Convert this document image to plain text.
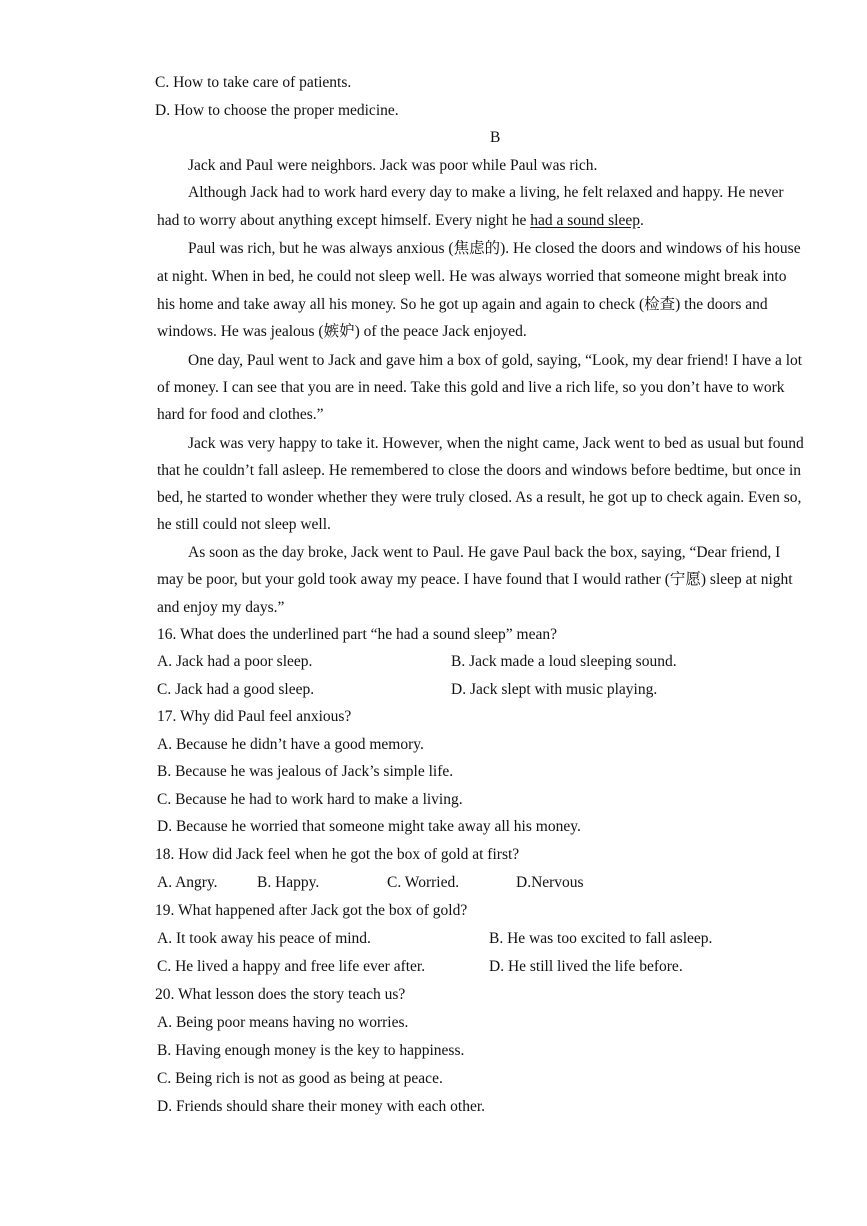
C. How to take care of patients.
D. How to choose the proper medicine.
B
Jack and Paul were neighbors. Jack was poor while Paul was rich.
Although Jack had to work hard every day to make a living, he felt relaxed and happy. He never
had to worry about anything except himself. Every night he had a sound sleep.
Paul was rich, but he was always anxious (焦虑的). He closed the doors and windows of his house
at night. When in bed, he could not sleep well. He was always worried that someone might break into
his home and take away all his money. So he got up again and again to check (检查) the doors and
windows. He was jealous (嫉妒) of the peace Jack enjoyed.
One day, Paul went to Jack and gave him a box of gold, saying, “Look, my dear friend! I have a lot
of money. I can see that you are in need. Take this gold and live a rich life, so you don’t have to work
hard for food and clothes.”
Jack was very happy to take it. However, when the night came, Jack went to bed as usual but found
that he couldn’t fall asleep. He remembered to close the doors and windows before bedtime, but once in
bed, he started to wonder whether they were truly closed. As a result, he got up to check again. Even so,
he still could not sleep well.
As soon as the day broke, Jack went to Paul. He gave Paul back the box, saying, “Dear friend, I
may be poor, but your gold took away my peace. I have found that I would rather (宁愿) sleep at night
and enjoy my days.”
16. What does the underlined part “he had a sound sleep” mean?
A. Jack had a poor sleep.	B. Jack made a loud sleeping sound.
C. Jack had a good sleep.	D. Jack slept with music playing.
17. Why did Paul feel anxious?
A. Because he didn’t have a good memory.
B. Because he was jealous of Jack’s simple life.
C. Because he had to work hard to make a living.
D. Because he worried that someone might take away all his money.
18. How did Jack feel when he got the box of gold at first?
A. Angry.	B. Happy.	C. Worried.	D.Nervous
19. What happened after Jack got the box of gold?
A. It took away his peace of mind.	B. He was too excited to fall asleep.
C. He lived a happy and free life ever after.	D. He still lived the life before.
20. What lesson does the story teach us?
A. Being poor means having no worries.
B. Having enough money is the key to happiness.
C. Being rich is not as good as being at peace.
D. Friends should share their money with each other.
